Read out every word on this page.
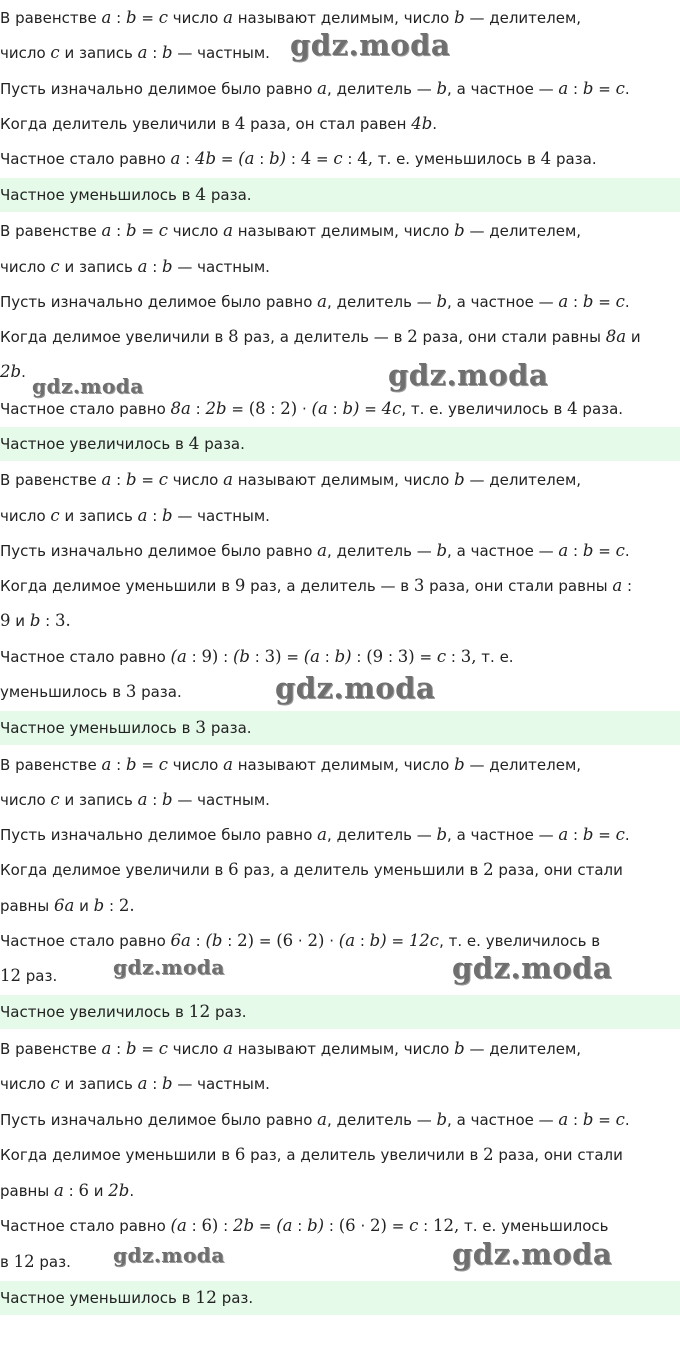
В равенстве a : b = c число a называют делимым, число b — делителем,
число c и запись a : b — частным.
Пусть изначально делимое было равно a, делитель — b, а частное — a : b = c.
Когда делитель увеличили в 4 раза, он стал равен 4b.
Частное стало равно a : 4b = (a : b) : 4 = c : 4, т. е. уменьшилось в 4 раза.
Частное уменьшилось в 4 раза.
В равенстве a : b = c число a называют делимым, число b — делителем,
число c и запись a : b — частным.
Пусть изначально делимое было равно a, делитель — b, а частное — a : b = c.
Когда делимое увеличили в 8 раз, а делитель — в 2 раза, они стали равны 8a и
2b.
Частное стало равно 8a : 2b = (8 : 2) · (a : b) = 4c, т. е. увеличилось в 4 раза.
Частное увеличилось в 4 раза.
В равенстве a : b = c число a называют делимым, число b — делителем,
число c и запись a : b — частным.
Пусть изначально делимое было равно a, делитель — b, а частное — a : b = c.
Когда делимое уменьшили в 9 раз, а делитель — в 3 раза, они стали равны a :
9 и b : 3.
Частное стало равно (a : 9) : (b : 3) = (a : b) : (9 : 3) = c : 3, т. е.
уменьшилось в 3 раза.
Частное уменьшилось в 3 раза.
В равенстве a : b = c число a называют делимым, число b — делителем,
число c и запись a : b — частным.
Пусть изначально делимое было равно a, делитель — b, а частное — a : b = c.
Когда делимое увеличили в 6 раз, а делитель уменьшили в 2 раза, они стали
равны 6a и b : 2.
Частное стало равно 6a : (b : 2) = (6 · 2) · (a : b) = 12c, т. е. увеличилось в
12 раз.
Частное увеличилось в 12 раз.
В равенстве a : b = c число a называют делимым, число b — делителем,
число c и запись a : b — частным.
Пусть изначально делимое было равно a, делитель — b, а частное — a : b = c.
Когда делимое уменьшили в 6 раз, а делитель увеличили в 2 раза, они стали
равны a : 6 и 2b.
Частное стало равно (a : 6) : 2b = (a : b) : (6 · 2) = c : 12, т. е. уменьшилось
в 12 раз.
Частное уменьшилось в 12 раз.
gdz.moda
gdz.moda	gdz.moda
gdz.moda
gdz.moda	gdz.moda
gdz.moda	gdz.moda
